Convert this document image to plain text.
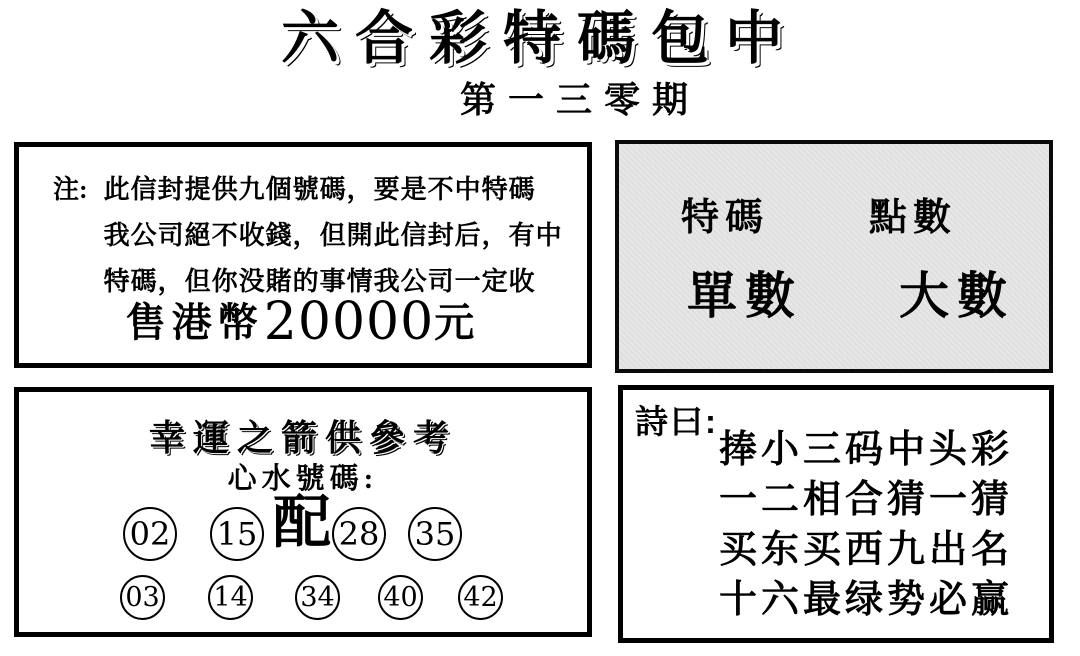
六合彩特碼包中
第一三零期
注: 此信封提供九個號碼，要是不中特碼
我公司絕不收錢，但開此信封后，有中
特碼，但你没賭的事情我公司一定收
售港幣20000元
特碼	點數
單數 大數
幸運之箭供參考
心水號碼:
02 15 配 28 35
03 14 34 40 42
詩曰:
捧小三码中头彩
一二相合猜一猜
买东买西九出名
十六最绿势必赢
